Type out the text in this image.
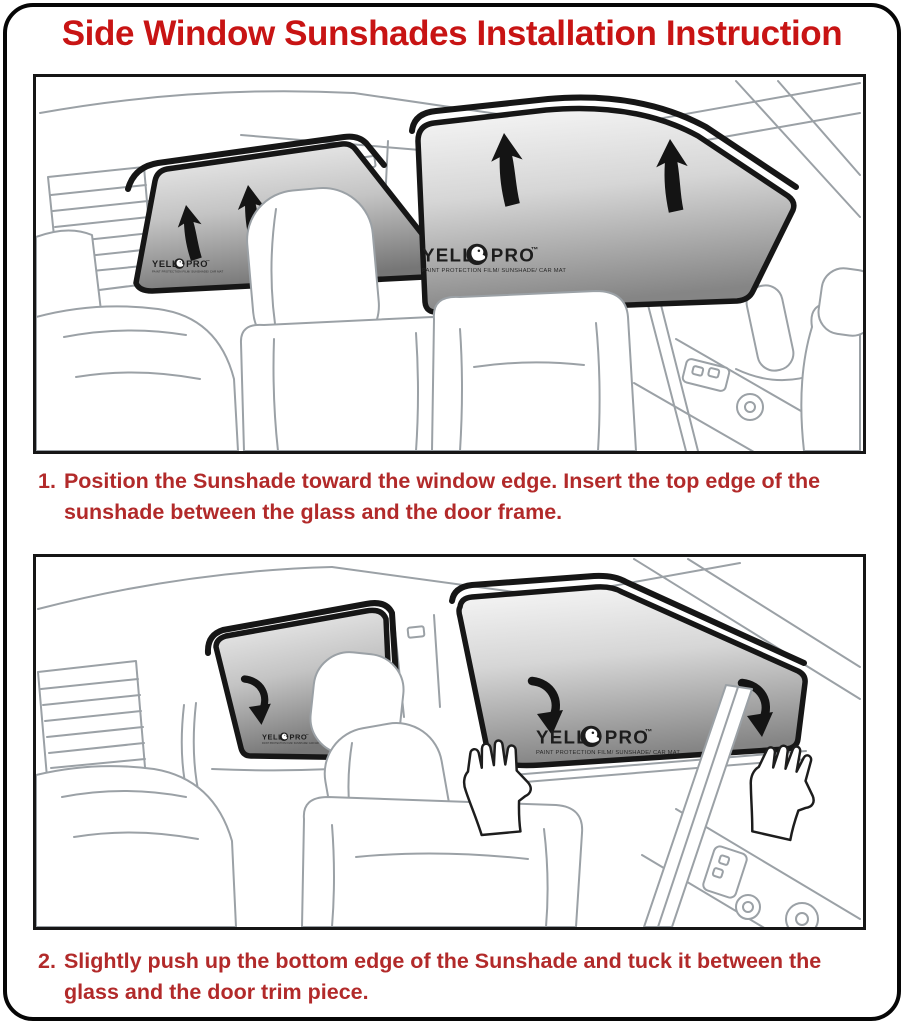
Side Window Sunshades Installation Instruction
1. Position the Sunshade toward the window edge. Insert the top edge of the sunshade between the glass and the door frame.
2. Slightly push up the bottom edge of the Sunshade and tuck it between the glass and the door trim piece.
